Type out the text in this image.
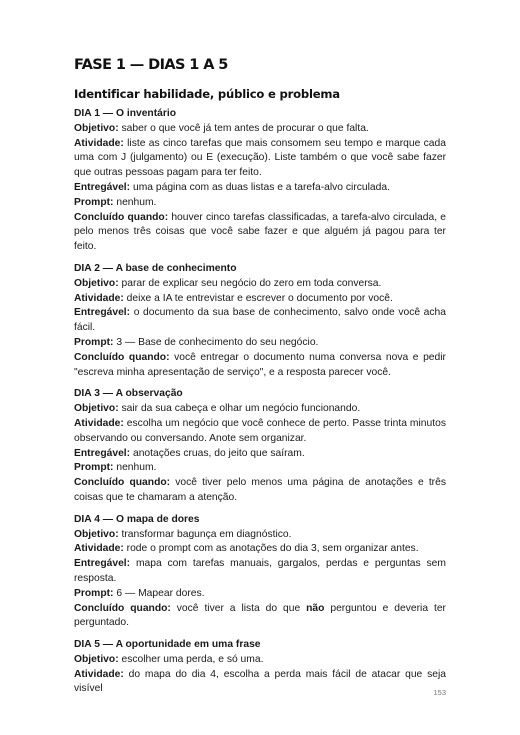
FASE 1 — DIAS 1 A 5
Identificar habilidade, público e problema
DIA 1 — O inventário

Objetivo: saber o que você já tem antes de procurar o que falta.

Atividade: liste as cinco tarefas que mais consomem seu tempo e marque cada uma com J (julgamento) ou E (execução). Liste também o que você sabe fazer que outras pessoas pagam para ter feito.

Entregável: uma página com as duas listas e a tarefa-alvo circulada.

Prompt: nenhum.

Concluído quando: houver cinco tarefas classificadas, a tarefa-alvo circulada, e pelo menos três coisas que você sabe fazer e que alguém já pagou para ter feito.

DIA 2 — A base de conhecimento

Objetivo: parar de explicar seu negócio do zero em toda conversa.

Atividade: deixe a IA te entrevistar e escrever o documento por você.

Entregável: o documento da sua base de conhecimento, salvo onde você acha fácil.

Prompt: 3 — Base de conhecimento do seu negócio.

Concluído quando: você entregar o documento numa conversa nova e pedir "escreva minha apresentação de serviço", e a resposta parecer você.

DIA 3 — A observação

Objetivo: sair da sua cabeça e olhar um negócio funcionando.

Atividade: escolha um negócio que você conhece de perto. Passe trinta minutos observando ou conversando. Anote sem organizar.

Entregável: anotações cruas, do jeito que saíram.

Prompt: nenhum.

Concluído quando: você tiver pelo menos uma página de anotações e três coisas que te chamaram a atenção.

DIA 4 — O mapa de dores

Objetivo: transformar bagunça em diagnóstico.

Atividade: rode o prompt com as anotações do dia 3, sem organizar antes.

Entregável: mapa com tarefas manuais, gargalos, perdas e perguntas sem resposta.

Prompt: 6 — Mapear dores.

Concluído quando: você tiver a lista do que não perguntou e deveria ter perguntado.

DIA 5 — A oportunidade em uma frase

Objetivo: escolher uma perda, e só uma.

Atividade: do mapa do dia 4, escolha a perda mais fácil de atacar que seja visível	153
